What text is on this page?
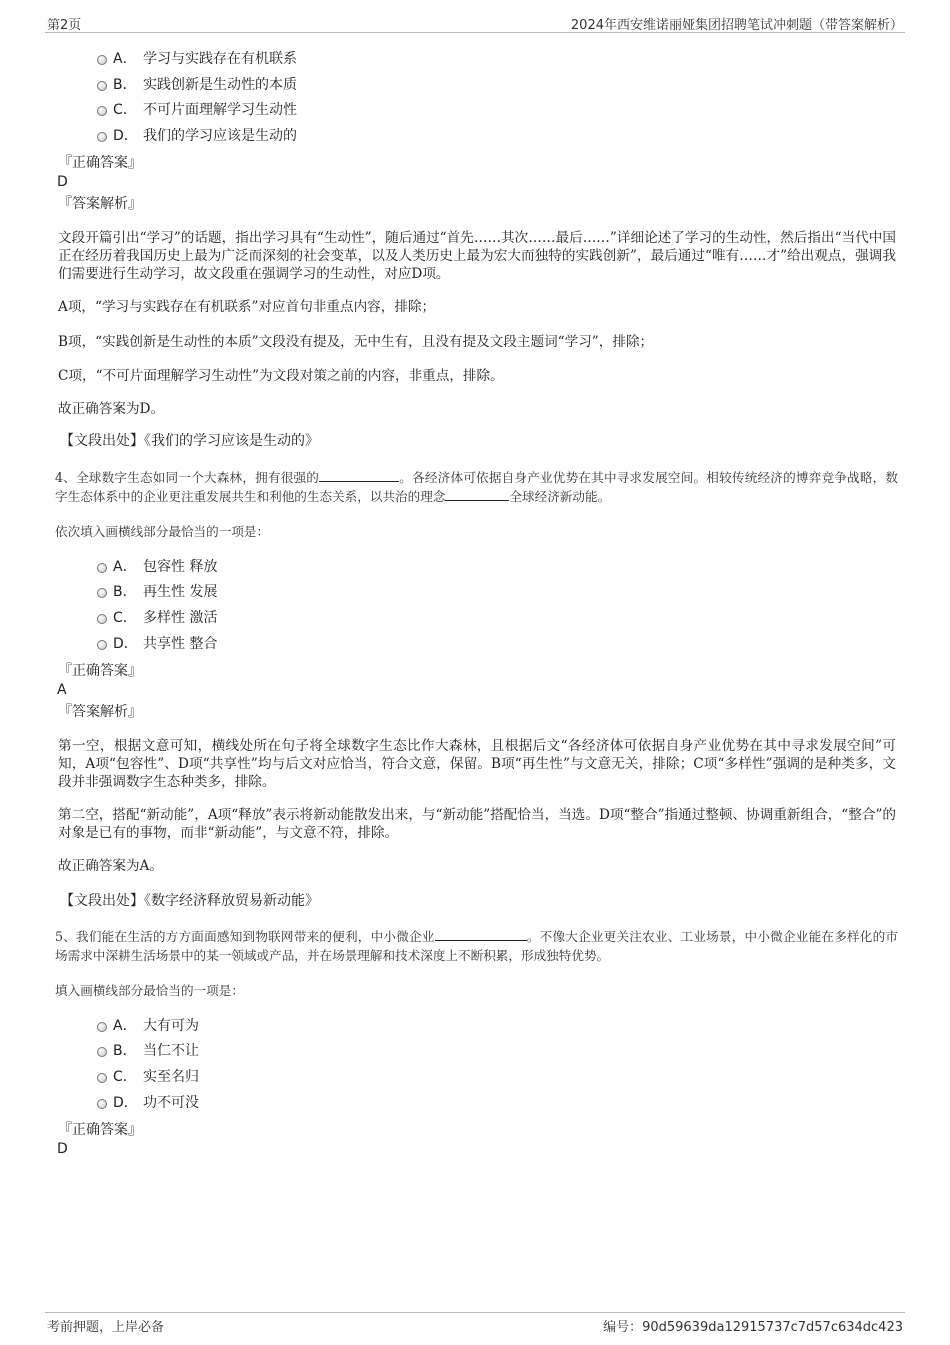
第2页	2024年西安维诺丽娅集团招聘笔试冲刺题（带答案解析）
A． 学习与实践存在有机联系
B． 实践创新是生动性的本质
C． 不可片面理解学习生动性
D． 我们的学习应该是生动的
『正确答案』
D
『答案解析』
文段开篇引出“学习”的话题，指出学习具有“生动性”，随后通过“首先……其次……最后……”详细论述了学习的生动性，然后指出“当代中国正在经历着我国历史上最为广泛而深刻的社会变革，以及人类历史上最为宏大而独特的实践创新”，最后通过“唯有……才”给出观点，强调我们需要进行生动学习，故文段重在强调学习的生动性，对应D项。
A项，“学习与实践存在有机联系”对应首句非重点内容，排除；
B项，“实践创新是生动性的本质”文段没有提及，无中生有，且没有提及文段主题词“学习”，排除；
C项，“不可片面理解学习生动性”为文段对策之前的内容，非重点，排除。
故正确答案为D。
【文段出处】《我们的学习应该是生动的》
4、全球数字生态如同一个大森林，拥有很强的	。各经济体可依据自身产业优势在其中寻求发展空间。相较传统经济的博弈竞争战略，数字生态体系中的企业更注重发展共生和利他的生态关系，以共治的理念	全球经济新动能。
依次填入画横线部分最恰当的一项是：
A． 包容性 释放
B． 再生性 发展
C． 多样性 激活
D． 共享性 整合
『正确答案』
A
『答案解析』
第一空，根据文意可知，横线处所在句子将全球数字生态比作大森林，且根据后文“各经济体可依据自身产业优势在其中寻求发展空间”可知，A项“包容性”、D项“共享性”均与后文对应恰当，符合文意，保留。B项“再生性”与文意无关，排除；C项“多样性”强调的是种类多，文段并非强调数字生态种类多，排除。
第二空，搭配“新动能”，A项“释放”表示将新动能散发出来，与“新动能”搭配恰当，当选。D项“整合”指通过整顿、协调重新组合，“整合”的对象是已有的事物，而非“新动能”，与文意不符，排除。
故正确答案为A。
【文段出处】《数字经济释放贸易新动能》
5、我们能在生活的方方面面感知到物联网带来的便利，中小微企业	。不像大企业更关注农业、工业场景，中小微企业能在多样化的市场需求中深耕生活场景中的某一领域或产品，并在场景理解和技术深度上不断积累，形成独特优势。
填入画横线部分最恰当的一项是：
A． 大有可为
B． 当仁不让
C． 实至名归
D． 功不可没
『正确答案』
D
考前押题，上岸必备	编号：90d59639da12915737c7d57c634dc423
